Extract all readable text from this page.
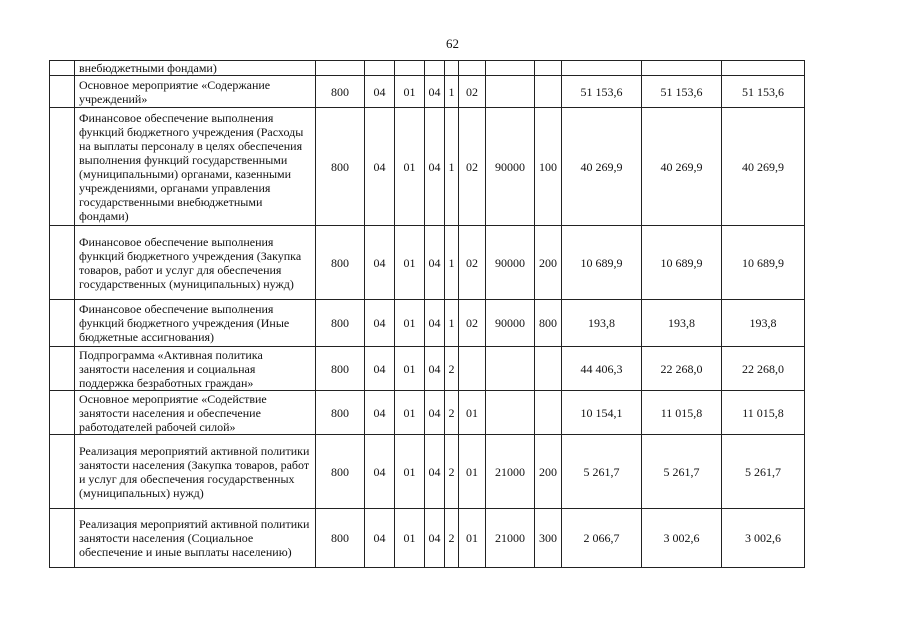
62
	внебюджетными фондами)											
	Основное мероприятие «Содержание учреждений»	800	04	01	04	1	02			51 153,6	51 153,6	51 153,6
	Финансовое обеспечение выполнения функций бюджетного учреждения (Расходы на выплаты персоналу в целях обеспечения выполнения функций государственными (муниципальными) органами, казенными учреждениями, органами управления государственными внебюджетными фондами)	800	04	01	04	1	02	90000	100	40 269,9	40 269,9	40 269,9
	Финансовое обеспечение выполнения функций бюджетного учреждения (Закупка товаров, работ и услуг для обеспечения государственных (муниципальных) нужд)	800	04	01	04	1	02	90000	200	10 689,9	10 689,9	10 689,9
	Финансовое обеспечение выполнения функций бюджетного учреждения (Иные бюджетные ассигнования)	800	04	01	04	1	02	90000	800	193,8	193,8	193,8
	Подпрограмма «Активная политика занятости населения и социальная поддержка безработных граждан»	800	04	01	04	2				44 406,3	22 268,0	22 268,0
	Основное мероприятие «Содействие занятости населения и обеспечение работодателей рабочей силой»	800	04	01	04	2	01			10 154,1	11 015,8	11 015,8
	Реализация мероприятий активной политики занятости населения (Закупка товаров, работ и услуг для обеспечения государственных (муниципальных) нужд)	800	04	01	04	2	01	21000	200	5 261,7	5 261,7	5 261,7
	Реализация мероприятий активной политики занятости населения (Социальное обеспечение и иные выплаты населению)	800	04	01	04	2	01	21000	300	2 066,7	3 002,6	3 002,6
